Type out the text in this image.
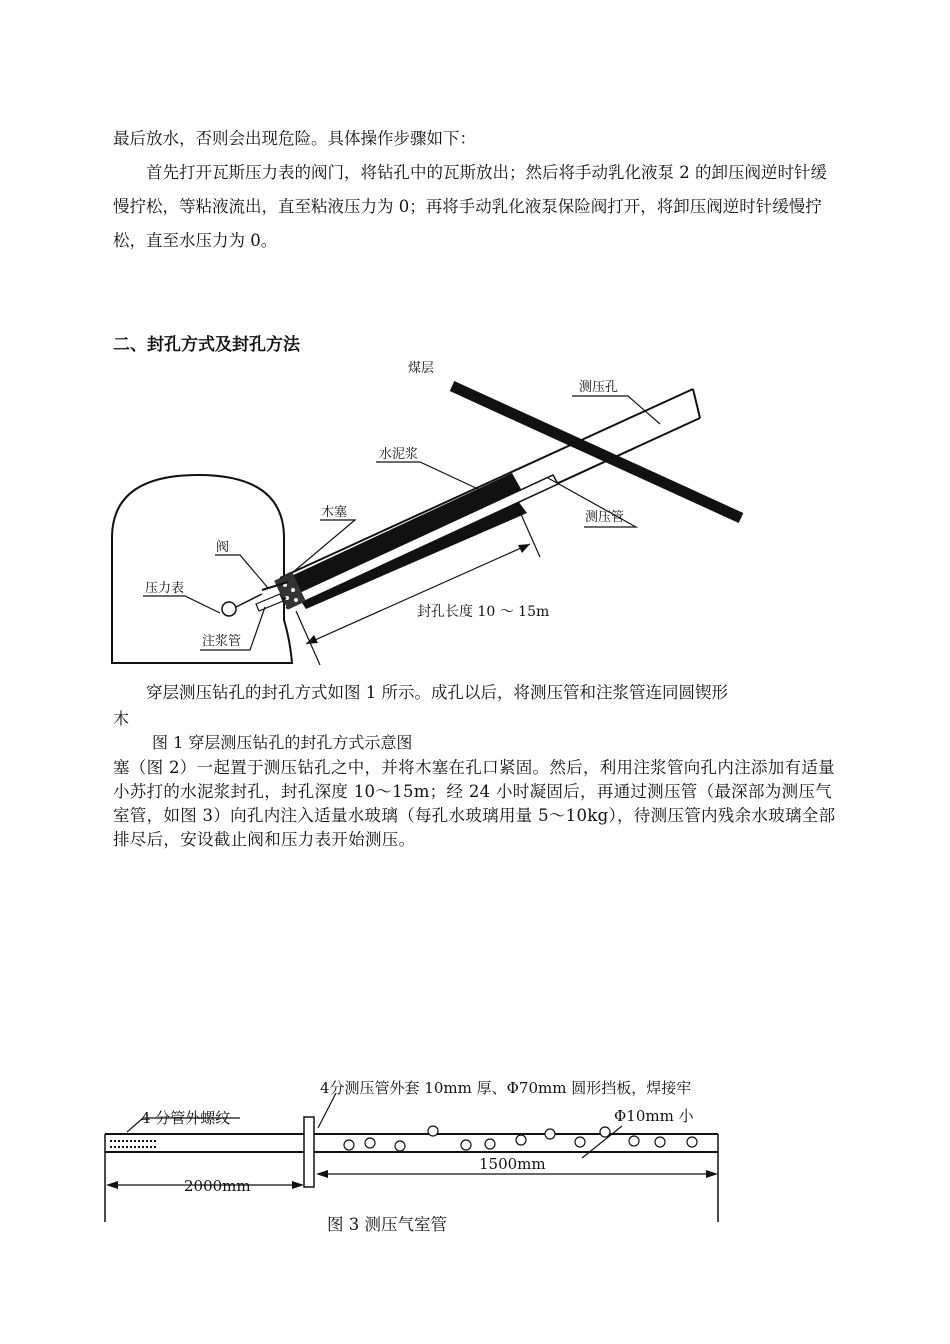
最后放水，否则会出现危险。具体操作步骤如下：

首先打开瓦斯压力表的阀门，将钻孔中的瓦斯放出；然后将手动乳化液泵 2 的卸压阀逆时针缓慢拧松，等粘液流出，直至粘液压力为 0；再将手动乳化液泵保险阀打开，将卸压阀逆时针缓慢拧松，直至水压力为 0。

二、封孔方式及封孔方法
煤层
测压孔
水泥浆
木塞	测压管
阀
压力表
注浆管
封孔长度 10 ～ 15m

穿层测压钻孔的封孔方式如图 1 所示。成孔以后，将测压管和注浆管连同圆锲形

木

图 1 穿层测压钻孔的封孔方式示意图

塞（图 2）一起置于测压钻孔之中，并将木塞在孔口紧固。然后，利用注浆管向孔内注添加有适量小苏打的水泥浆封孔，封孔深度 10～15m；经 24 小时凝固后，再通过测压管（最深部为测压气室管，如图 3）向孔内注入适量水玻璃（每孔水玻璃用量 5～10kg），待测压管内残余水玻璃全部排尽后，安设截止阀和压力表开始测压。

4分测压管外套 10mm 厚、Φ70mm 圆形挡板，焊接牢
4 分管外螺纹	Φ10mm 小
1500mm
2000mm
图 3 测压气室管
